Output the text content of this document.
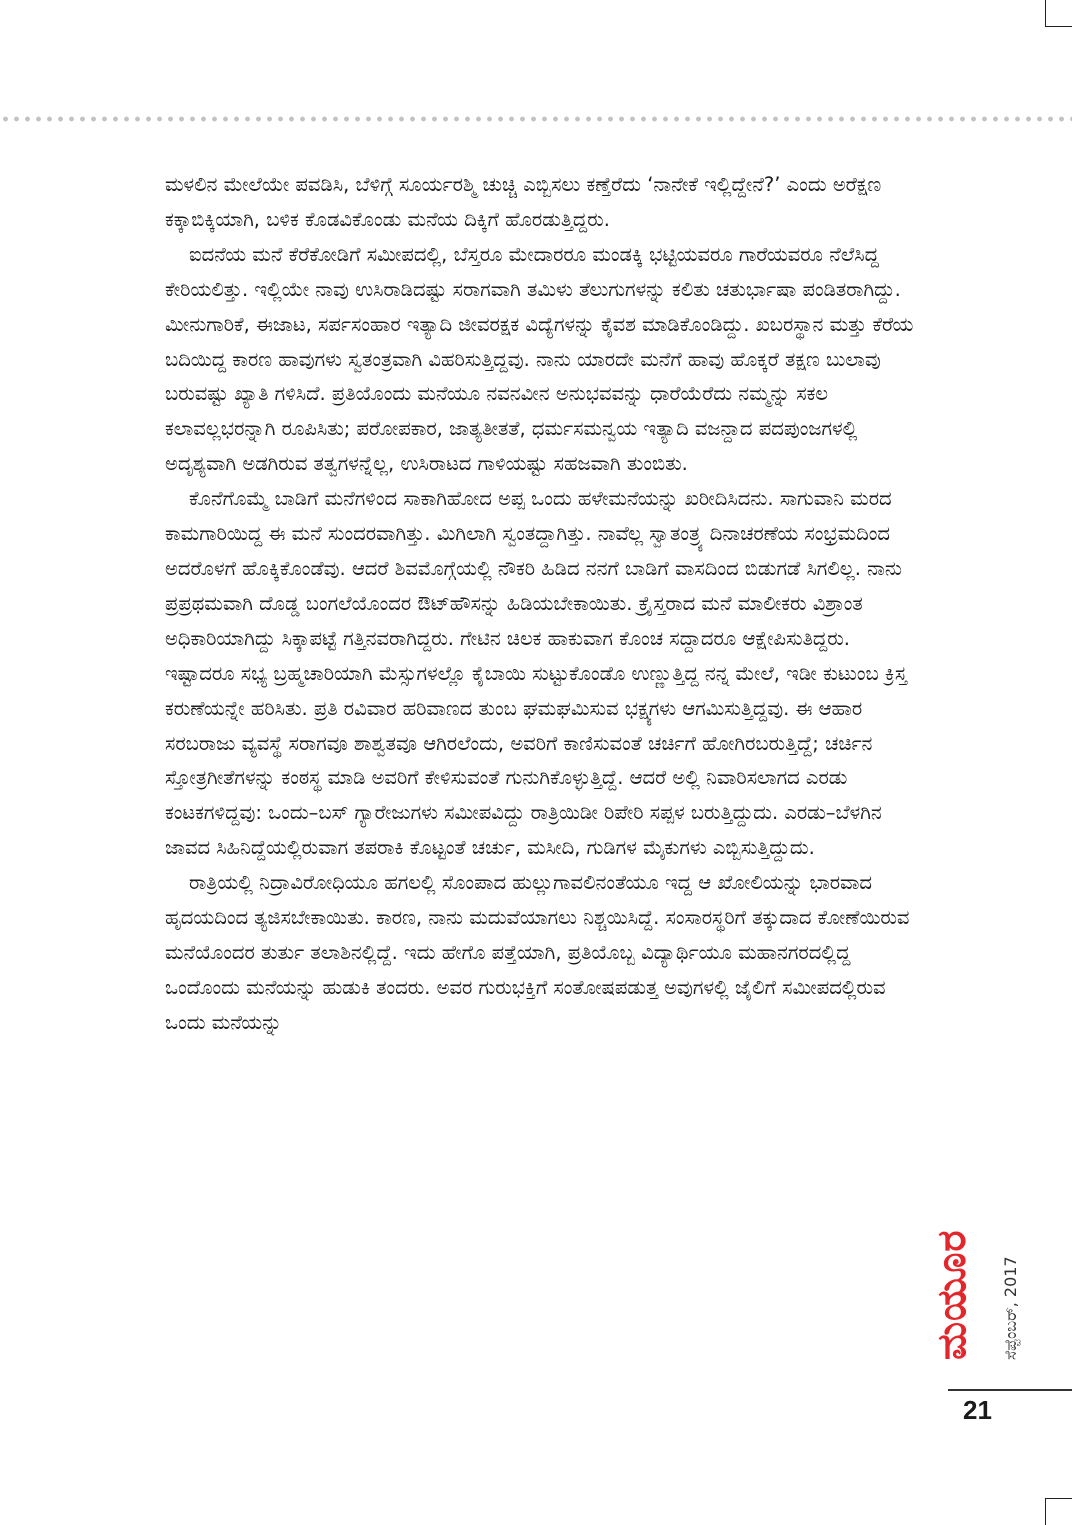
ಮಳಲಿನ ಮೇಲೆಯೇ ಪವಡಿಸಿ, ಬೆಳಿಗ್ಗೆ ಸೂರ್ಯರಶ್ಮಿ ಚುಚ್ಚಿ ಎಬ್ಬಿಸಲು ಕಣ್ತೆರೆದು ‘ನಾನೇಕೆ ಇಲ್ಲಿದ್ದೇನೆ?’ ಎಂದು ಅರೆಕ್ಷಣ ಕಕ್ಕಾಬಿಕ್ಕಿಯಾಗಿ, ಬಳಿಕ ಕೊಡವಿಕೊಂಡು ಮನೆಯ ದಿಕ್ಕಿಗೆ ಹೊರಡುತ್ತಿದ್ದರು.

ಐದನೆಯ ಮನೆ ಕೆರೆಕೋಡಿಗೆ ಸಮೀಪದಲ್ಲಿ, ಬೆಸ್ತರೂ ಮೇದಾರರೂ ಮಂಡಕ್ಕಿ ಭಟ್ಟಿಯವರೂ ಗಾರೆಯವರೂ ನೆಲೆಸಿದ್ದ ಕೇರಿಯಲಿತ್ತು. ಇಲ್ಲಿಯೇ ನಾವು ಉಸಿರಾಡಿದಷ್ಟು ಸರಾಗವಾಗಿ ತಮಿಳು ತೆಲುಗುಗಳನ್ನು ಕಲಿತು ಚತುರ್ಭಾಷಾ ಪಂಡಿತರಾಗಿದ್ದು. ಮೀನುಗಾರಿಕೆ, ಈಜಾಟ, ಸರ್ಪಸಂಹಾರ ಇತ್ಯಾದಿ ಜೀವರಕ್ಷಕ ವಿದ್ಯೆಗಳನ್ನು ಕೈವಶ ಮಾಡಿಕೊಂಡಿದ್ದು. ಖಬರಸ್ಥಾನ ಮತ್ತು ಕೆರೆಯ ಬದಿಯಿದ್ದ ಕಾರಣ ಹಾವುಗಳು ಸ್ವತಂತ್ರವಾಗಿ ವಿಹರಿಸುತ್ತಿದ್ದವು. ನಾನು ಯಾರದೇ ಮನೆಗೆ ಹಾವು ಹೊಕ್ಕರೆ ತಕ್ಷಣ ಬುಲಾವು ಬರುವಷ್ಟು ಖ್ಯಾತಿ ಗಳಿಸಿದೆ. ಪ್ರತಿಯೊಂದು ಮನೆಯೂ ನವನವೀನ ಅನುಭವವನ್ನು ಧಾರೆಯೆರೆದು ನಮ್ಮನ್ನು ಸಕಲ ಕಲಾವಲ್ಲಭರನ್ನಾಗಿ ರೂಪಿಸಿತು; ಪರೋಪಕಾರ, ಜಾತ್ಯತೀತತೆ, ಧರ್ಮಸಮನ್ವಯ ಇತ್ಯಾದಿ ವಜನ್ದಾದ ಪದಪುಂಜಗಳಲ್ಲಿ ಅದೃಶ್ಯವಾಗಿ ಅಡಗಿರುವ ತತ್ವಗಳನ್ನೆಲ್ಲ, ಉಸಿರಾಟದ ಗಾಳಿಯಷ್ಟು ಸಹಜವಾಗಿ ತುಂಬಿತು.

ಕೊನೆಗೊಮ್ಮೆ ಬಾಡಿಗೆ ಮನೆಗಳಿಂದ ಸಾಕಾಗಿಹೋದ ಅಪ್ಪ ಒಂದು ಹಳೇಮನೆಯನ್ನು ಖರೀದಿಸಿದನು. ಸಾಗುವಾನಿ ಮರದ ಕಾಮಗಾರಿಯಿದ್ದ ಈ ಮನೆ ಸುಂದರವಾಗಿತ್ತು. ಮಿಗಿಲಾಗಿ ಸ್ವಂತದ್ದಾಗಿತ್ತು. ನಾವೆಲ್ಲ ಸ್ವಾತಂತ್ರ್ಯ ದಿನಾಚರಣೆಯ ಸಂಭ್ರಮದಿಂದ ಅದರೊಳಗೆ ಹೊಕ್ಕಿಕೊಂಡೆವು. ಆದರೆ ಶಿವಮೊಗ್ಗೆಯಲ್ಲಿ ನೌಕರಿ ಹಿಡಿದ ನನಗೆ ಬಾಡಿಗೆ ವಾಸದಿಂದ ಬಿಡುಗಡೆ ಸಿಗಲಿಲ್ಲ. ನಾನು ಪ್ರಪ್ರಥಮವಾಗಿ ದೊಡ್ಡ ಬಂಗಲೆಯೊಂದರ ಔಟ್‌ಹೌಸನ್ನು ಹಿಡಿಯಬೇಕಾಯಿತು. ಕ್ರೈಸ್ತರಾದ ಮನೆ ಮಾಲೀಕರು ವಿಶ್ರಾಂತ ಅಧಿಕಾರಿಯಾಗಿದ್ದು ಸಿಕ್ಕಾಪಟ್ಟೆ ಗತ್ತಿನವರಾಗಿದ್ದರು. ಗೇಟಿನ ಚಿಲಕ ಹಾಕುವಾಗ ಕೊಂಚ ಸದ್ದಾದರೂ ಆಕ್ಷೇಪಿಸುತಿದ್ದರು. ಇಷ್ಟಾದರೂ ಸಭ್ಯ ಬ್ರಹ್ಮಚಾರಿಯಾಗಿ ಮೆಸ್ಸುಗಳಲ್ಲೊ ಕೈಬಾಯಿ ಸುಟ್ಟುಕೊಂಡೊ ಉಣ್ಣುತ್ತಿದ್ದ ನನ್ನ ಮೇಲೆ, ಇಡೀ ಕುಟುಂಬ ಕ್ರಿಸ್ತ ಕರುಣೆಯನ್ನೇ ಹರಿಸಿತು. ಪ್ರತಿ ರವಿವಾರ ಹರಿವಾಣದ ತುಂಬ ಘಮಘಮಿಸುವ ಭಕ್ಷ್ಯಗಳು ಆಗಮಿಸುತ್ತಿದ್ದವು. ಈ ಆಹಾರ ಸರಬರಾಜು ವ್ಯವಸ್ಥೆ ಸರಾಗವೂ ಶಾಶ್ವತವೂ ಆಗಿರಲೆಂದು, ಅವರಿಗೆ ಕಾಣಿಸುವಂತೆ ಚರ್ಚಿಗೆ ಹೋಗಿರಬರುತ್ತಿದ್ದೆ; ಚರ್ಚಿನ ಸ್ತೋತ್ರಗೀತೆಗಳನ್ನು ಕಂಠಸ್ಥ ಮಾಡಿ ಅವರಿಗೆ ಕೇಳಿಸುವಂತೆ ಗುನುಗಿಕೊಳ್ಳುತ್ತಿದ್ದೆ. ಆದರೆ ಅಲ್ಲಿ ನಿವಾರಿಸಲಾಗದ ಎರಡು ಕಂಟಕಗಳಿದ್ದವು: ಒಂದು–ಬಸ್ ಗ್ಯಾರೇಜುಗಳು ಸಮೀಪವಿದ್ದು ರಾತ್ರಿಯಿಡೀ ರಿಪೇರಿ ಸಪ್ಪಳ ಬರುತ್ತಿದ್ದುದು. ಎರಡು–ಬೆಳಗಿನ ಜಾವದ ಸಿಹಿನಿದ್ದೆಯಲ್ಲಿರುವಾಗ ತಪರಾಕಿ ಕೊಟ್ಟಂತೆ ಚರ್ಚು, ಮಸೀದಿ, ಗುಡಿಗಳ ಮೈಕುಗಳು ಎಬ್ಬಿಸುತ್ತಿದ್ದುದು.

ರಾತ್ರಿಯಲ್ಲಿ ನಿದ್ರಾವಿರೋಧಿಯೂ ಹಗಲಲ್ಲಿ ಸೊಂಪಾದ ಹುಲ್ಲುಗಾವಲಿನಂತೆಯೂ ಇದ್ದ ಆ ಖೋಲಿಯನ್ನು ಭಾರವಾದ ಹೃದಯದಿಂದ ತ್ಯಜಿಸಬೇಕಾಯಿತು. ಕಾರಣ, ನಾನು ಮದುವೆಯಾಗಲು ನಿಶ್ಚಯಿಸಿದ್ದೆ. ಸಂಸಾರಸ್ಥರಿಗೆ ತಕ್ಕುದಾದ ಕೋಣೆಯಿರುವ ಮನೆಯೊಂದರ ತುರ್ತು ತಲಾಶಿನಲ್ಲಿದ್ದೆ. ಇದು ಹೇಗೊ ಪತ್ತೆಯಾಗಿ, ಪ್ರತಿಯೊಬ್ಬ ವಿದ್ಯಾರ್ಥಿಯೂ ಮಹಾನಗರದಲ್ಲಿದ್ದ ಒಂದೊಂದು ಮನೆಯನ್ನು ಹುಡುಕಿ ತಂದರು. ಅವರ ಗುರುಭಕ್ತಿಗೆ ಸಂತೋಷಪಡುತ್ತ ಅವುಗಳಲ್ಲಿ ಜೈಲಿಗೆ ಸಮೀಪದಲ್ಲಿರುವ ಒಂದು ಮನೆಯನ್ನು

ಮಯೂರ ಸೆಪ್ಟೆಂಬರ್, 2017
21
